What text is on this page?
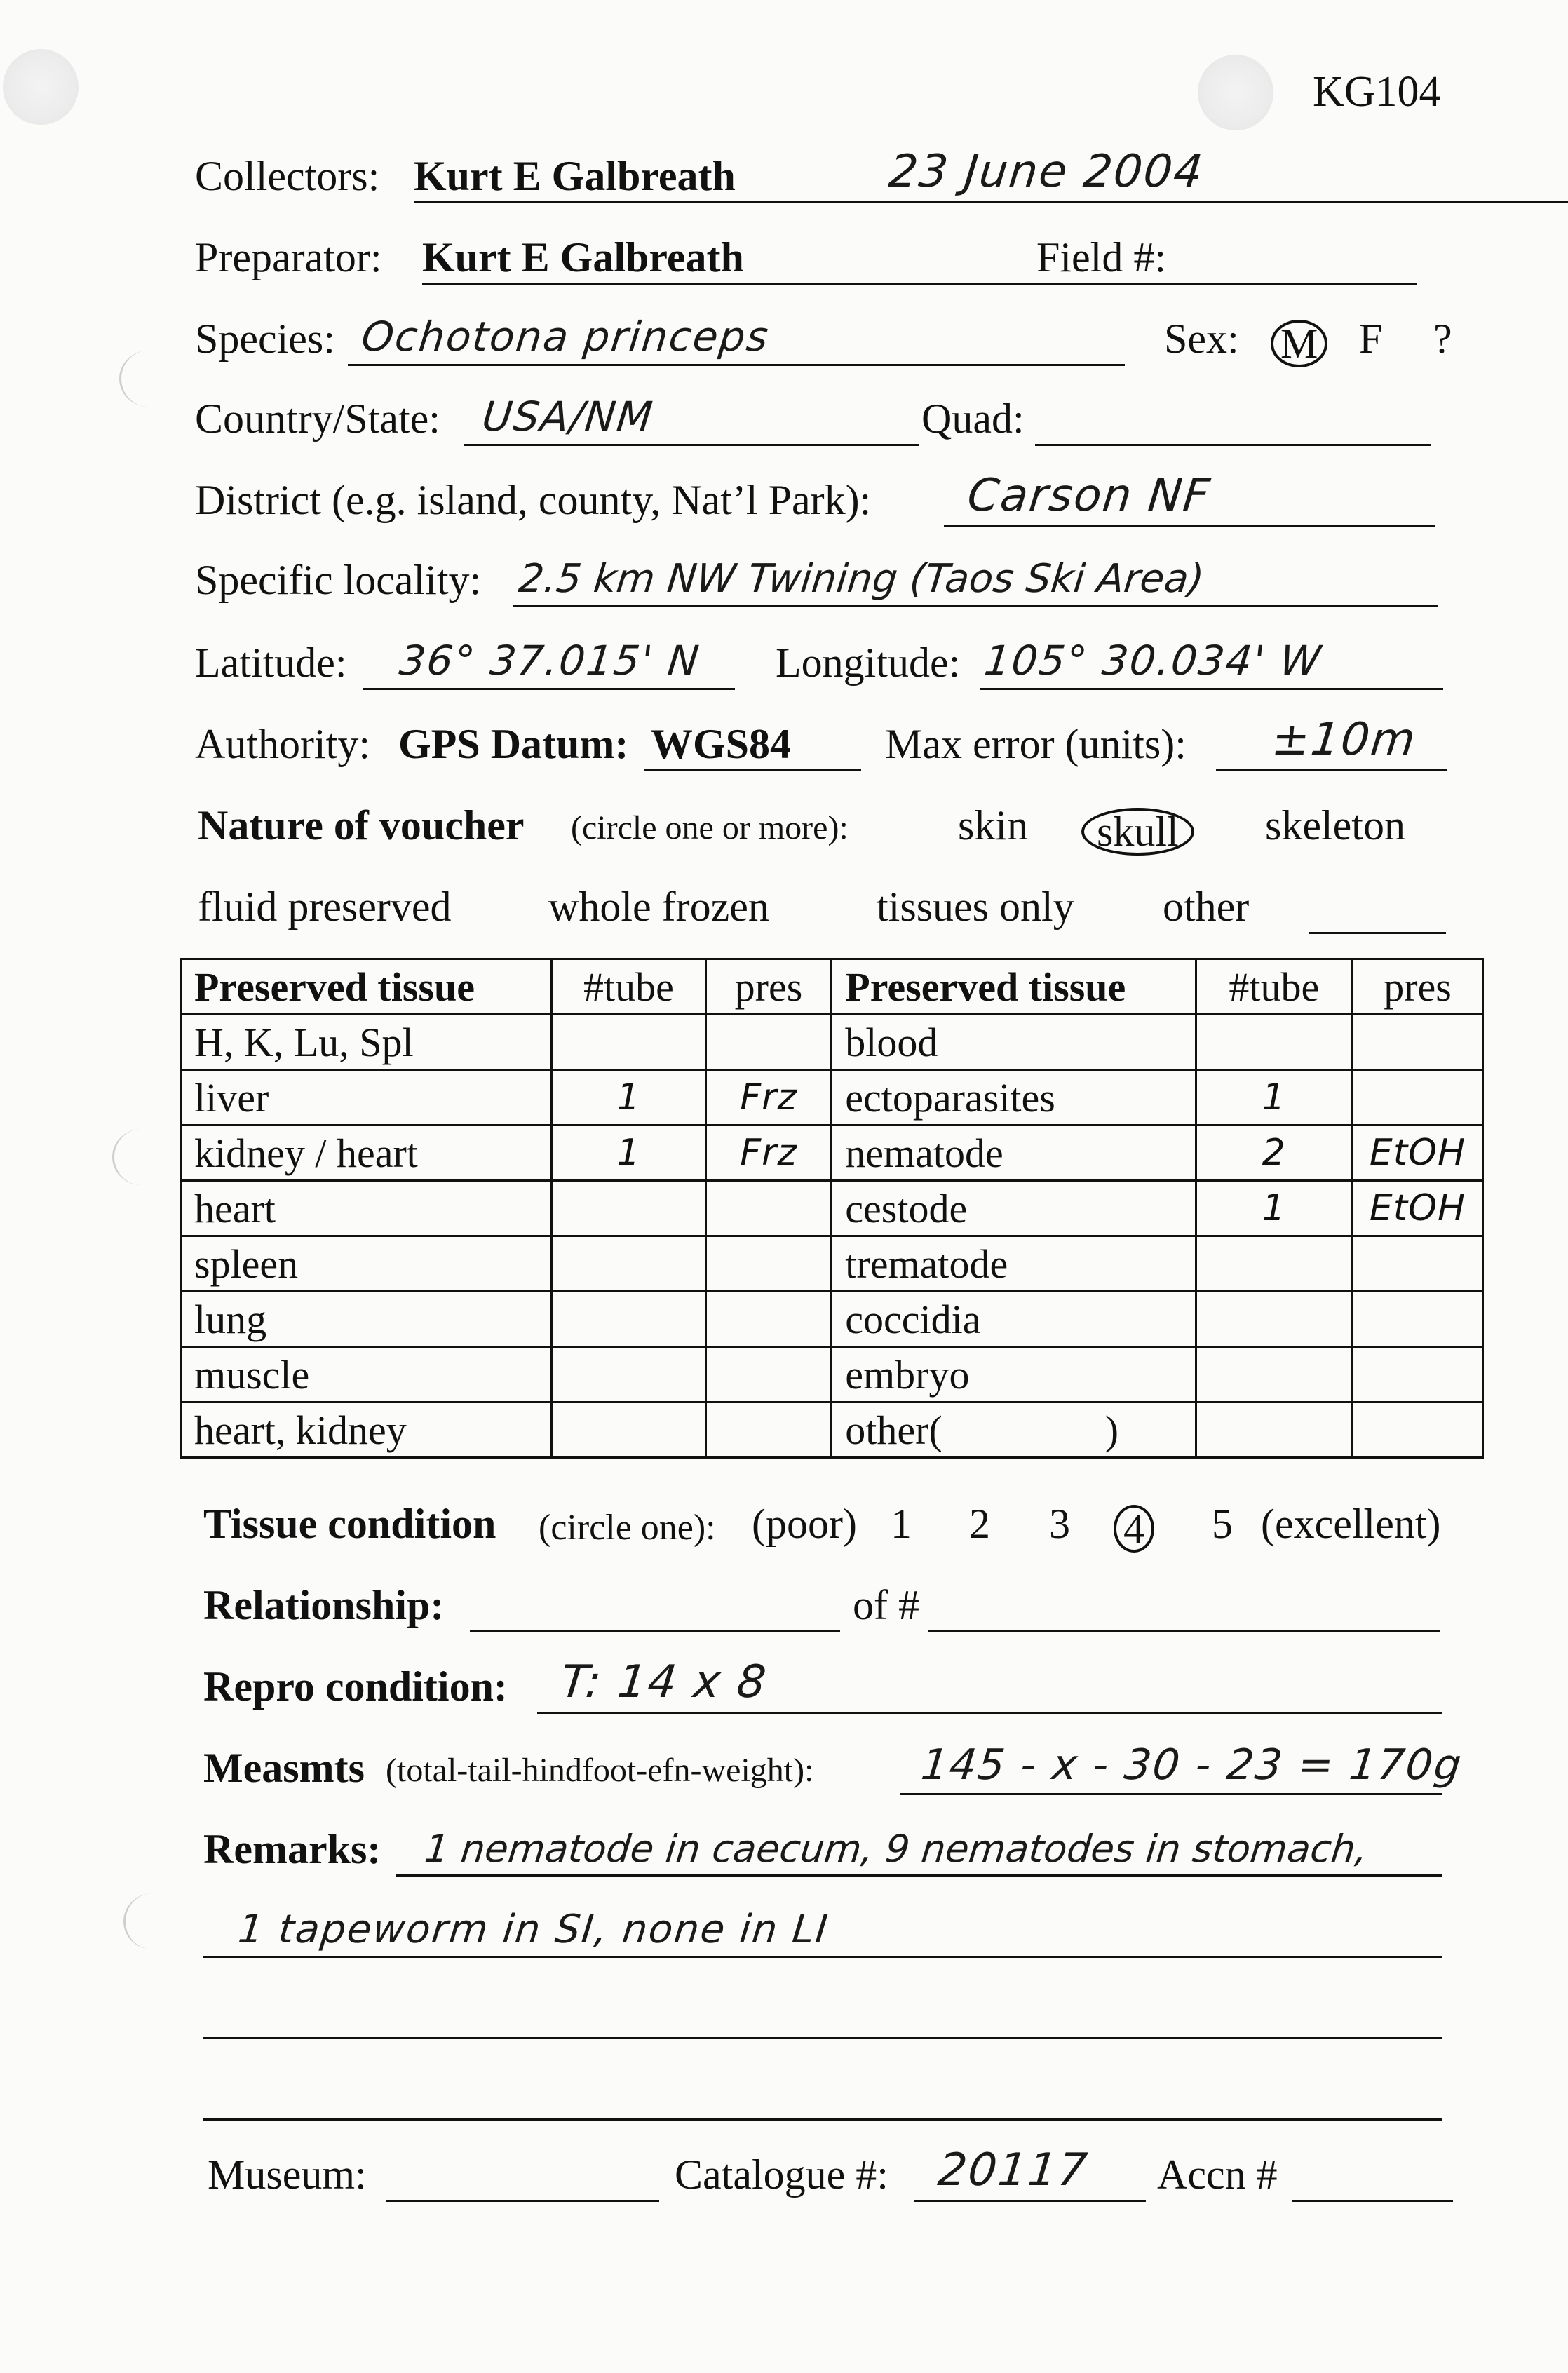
KG104
Collectors: Kurt E Galbreath	23 June 2004
Preparator: Kurt E Galbreath	Field #:
Species: Ochotona princeps	Sex: M F ?
Country/State: USA/NM	Quad:
District (e.g. island, county, Nat’l Park): Carson NF
Specific locality: 2.5 km NW Twining (Taos Ski Area)
Latitude: 36° 37.015' N Longitude: 105° 30.034' W
Authority: GPS Datum: WGS84 Max error (units): ±10m
Nature of voucher (circle one or more):	skin	skull	skeleton
fluid preserved whole frozen	tissues only other
Preserved tissue	#tube	pres	Preserved tissue	#tube	pres
H, K, Lu, Spl			blood		
liver	1	Frz	ectoparasites	1	
kidney / heart	1	Frz	nematode	2	EtOH
heart			cestode	1	EtOH
spleen			trematode		
lung			coccidia		
muscle			embryo		
heart, kidney			other(                )		
Tissue condition (circle one): (poor) 1 2 3 4 5 (excellent)
Relationship:	of #
Repro condition: T: 14 x 8
Measmts (total-tail-hindfoot-efn-weight): 145 - x - 30 - 23 = 170g
Remarks: 1 nematode in caecum, 9 nematodes in stomach,
1 tapeworm in SI, none in LI
Museum:	Catalogue #: 20117 Accn #
